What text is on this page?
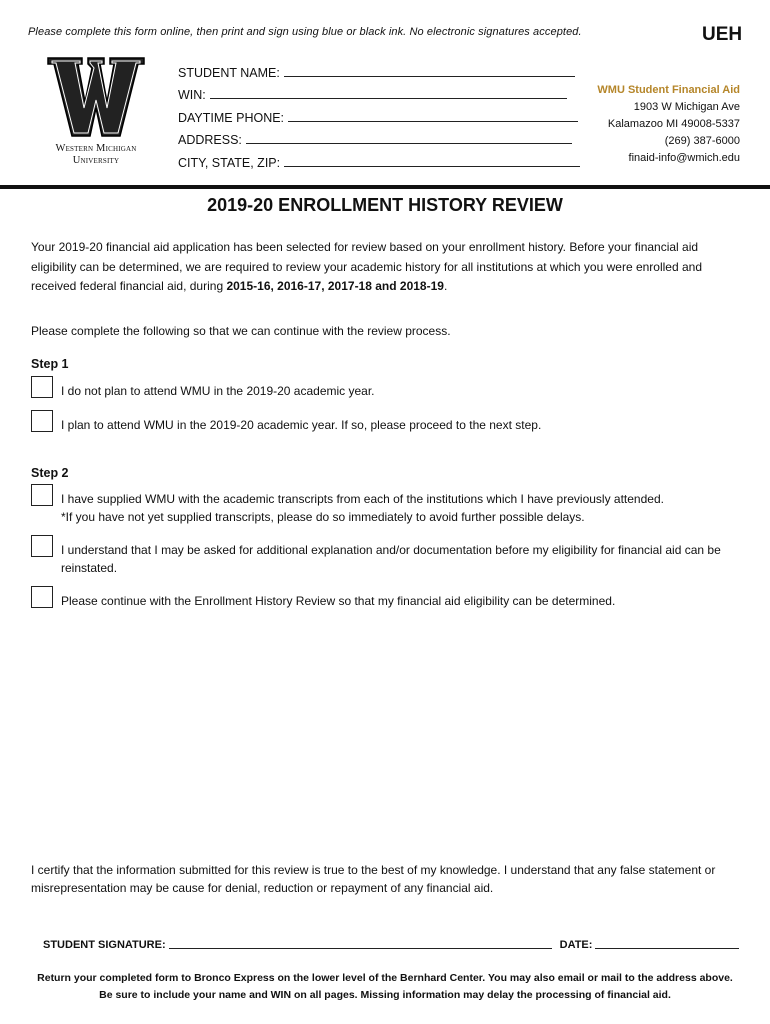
Please complete this form online, then print and sign using blue or black ink. No electronic signatures accepted.	UEH
Western Michigan
University
STUDENT NAME:
WIN:
DAYTIME PHONE:
ADDRESS:
CITY, STATE, ZIP:
WMU Student Financial Aid
1903 W Michigan Ave
Kalamazoo MI 49008-5337
(269) 387-6000
finaid-info@wmich.edu
2019-20 ENROLLMENT HISTORY REVIEW
Your 2019-20 financial aid application has been selected for review based on your enrollment history. Before your financial aid eligibility can be determined, we are required to review your academic history for all institutions at which you were enrolled and received federal financial aid, during 2015-16, 2016-17, 2017-18 and 2018-19.
Please complete the following so that we can continue with the review process.
Step 1
I do not plan to attend WMU in the 2019-20 academic year.
I plan to attend WMU in the 2019-20 academic year. If so, please proceed to the next step.
Step 2
I have supplied WMU with the academic transcripts from each of the institutions which I have previously attended.
*If you have not yet supplied transcripts, please do so immediately to avoid further possible delays.
I understand that I may be asked for additional explanation and/or documentation before my eligibility for financial aid can be reinstated.
Please continue with the Enrollment History Review so that my financial aid eligibility can be determined.
I certify that the information submitted for this review is true to the best of my knowledge. I understand that any false statement or misrepresentation may be cause for denial, reduction or repayment of any financial aid.
STUDENT SIGNATURE:	DATE:
Return your completed form to Bronco Express on the lower level of the Bernhard Center. You may also email or mail to the address above.
Be sure to include your name and WIN on all pages. Missing information may delay the processing of financial aid.
